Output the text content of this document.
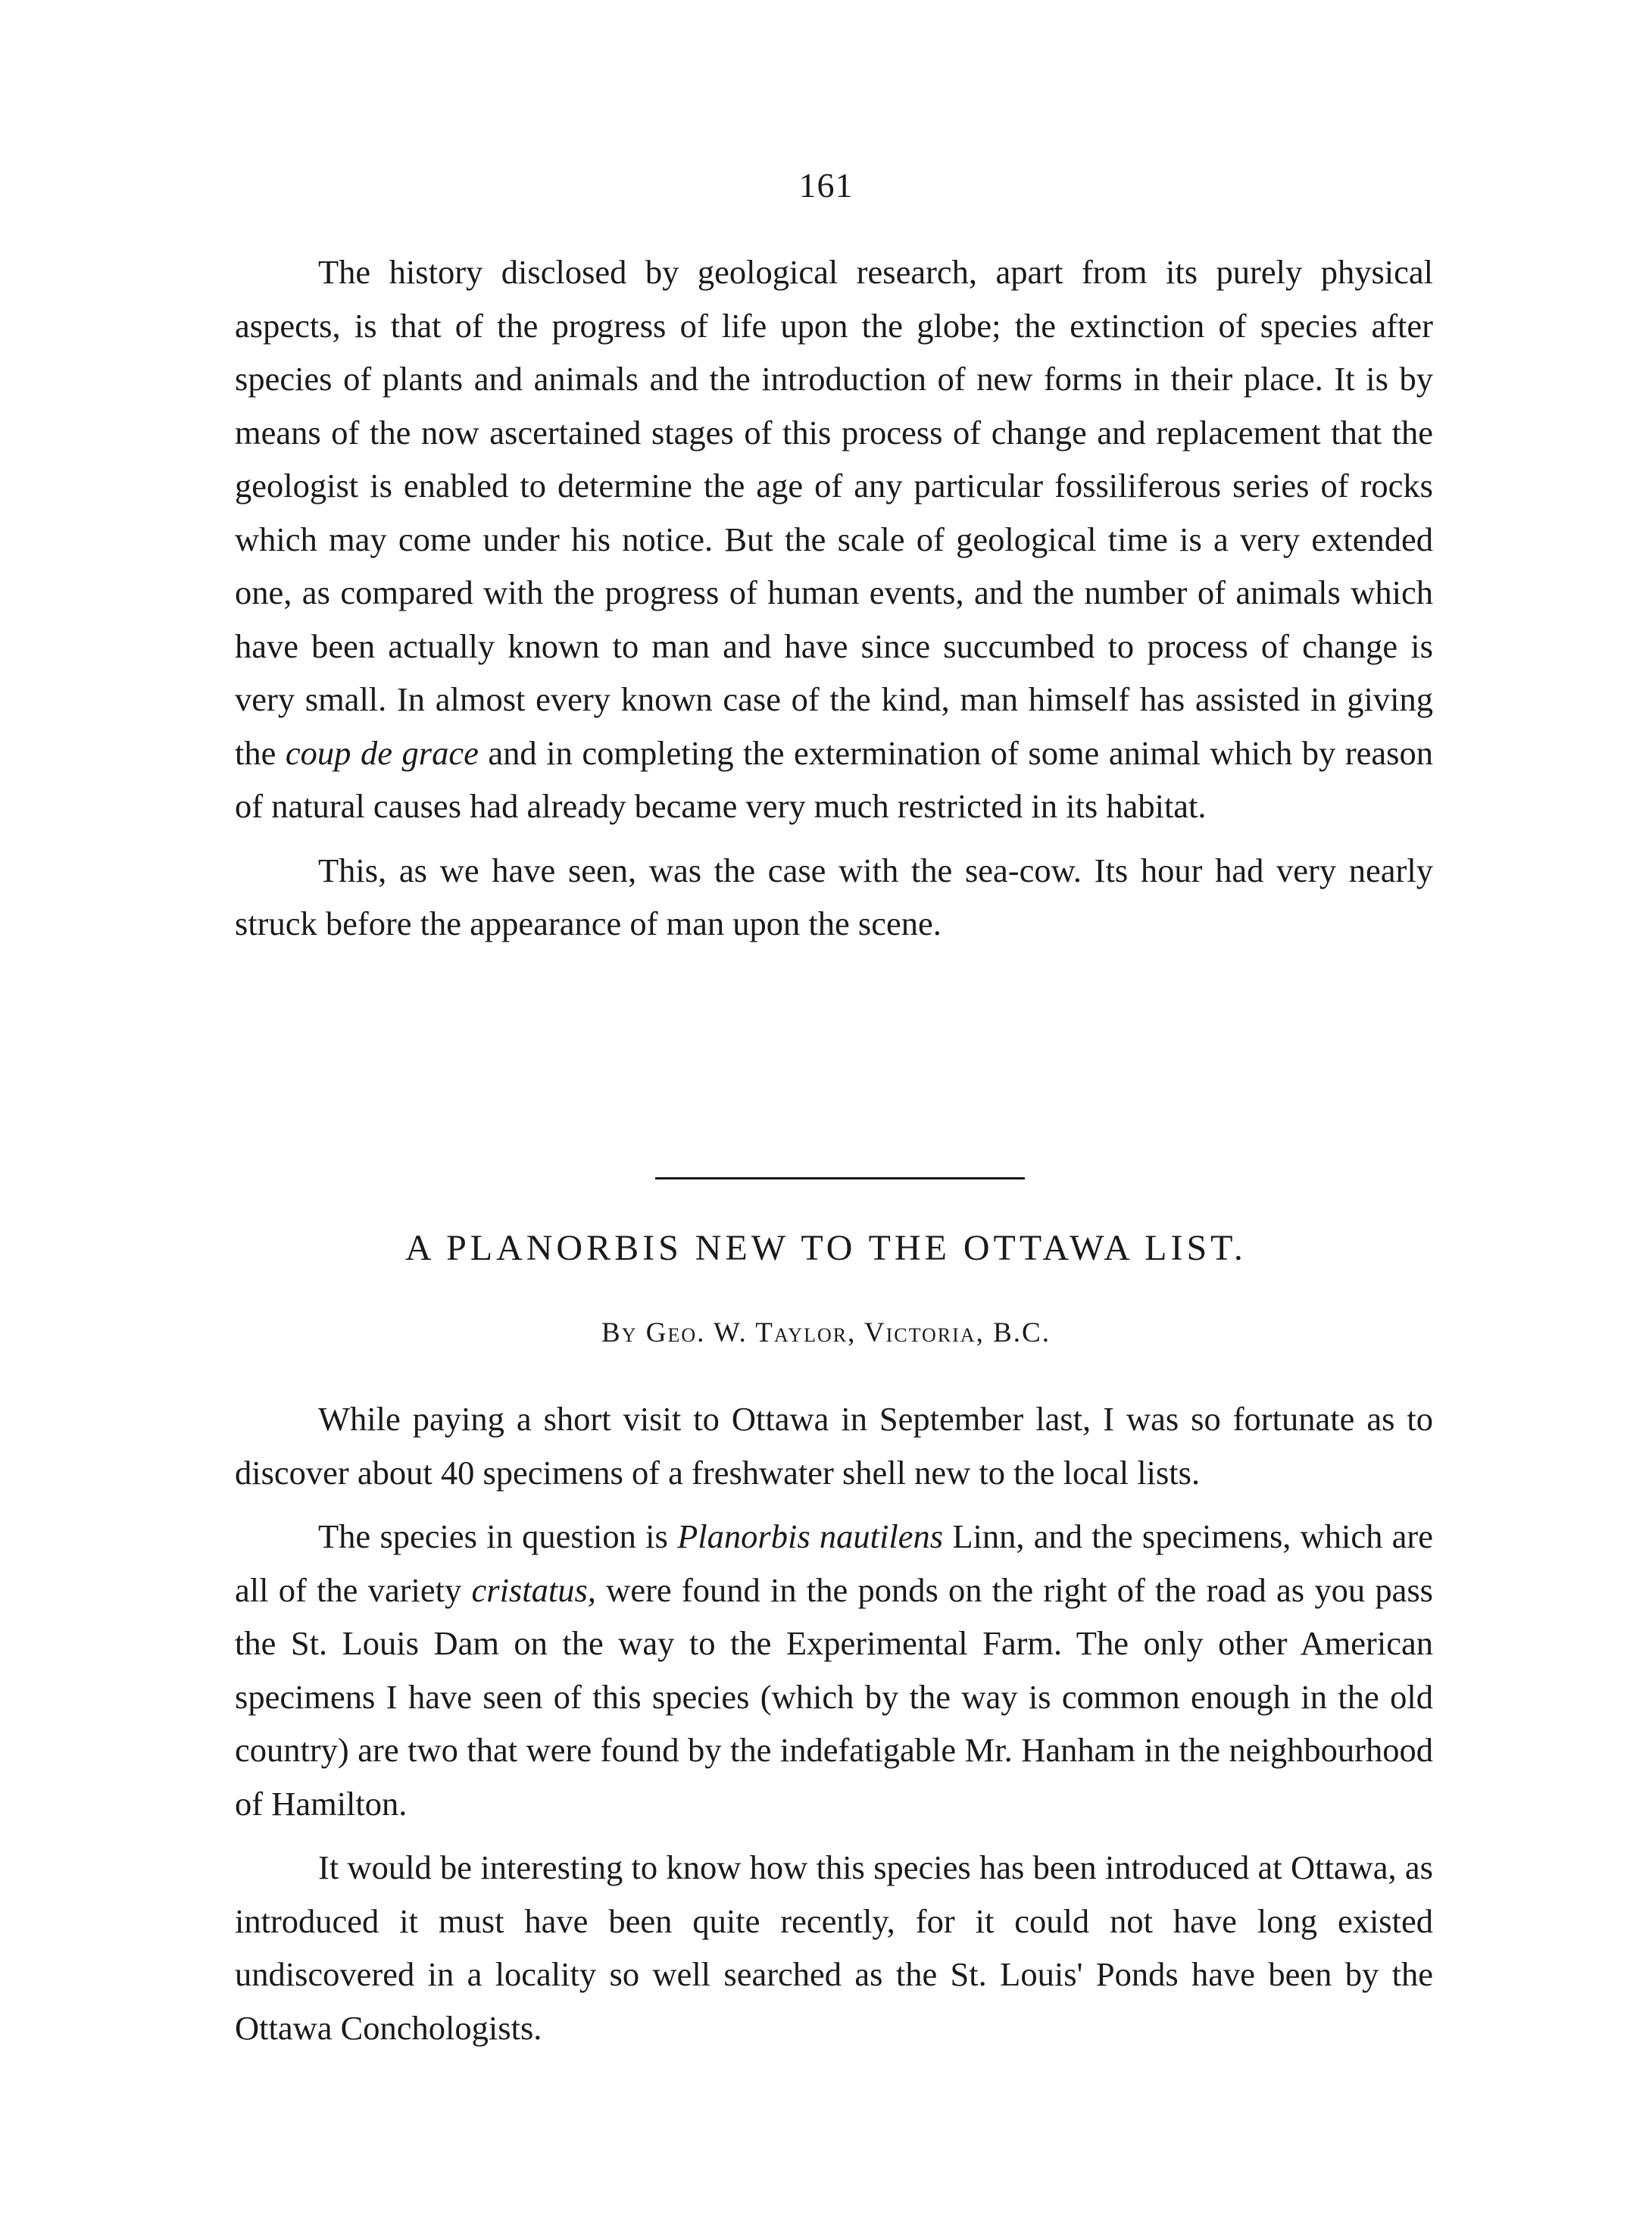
161

The history disclosed by geological research, apart from its purely physical aspects, is that of the progress of life upon the globe; the extinction of species after species of plants and animals and the introduction of new forms in their place. It is by means of the now ascertained stages of this process of change and replacement that the geologist is enabled to determine the age of any particular fossiliferous series of rocks which may come under his notice. But the scale of geological time is a very extended one, as compared with the progress of human events, and the number of animals which have been actually known to man and have since succumbed to process of change is very small. In almost every known case of the kind, man himself has assisted in giving the coup de grace and in completing the extermination of some animal which by reason of natural causes had already became very much restricted in its habitat.

This, as we have seen, was the case with the sea-cow. Its hour had very nearly struck before the appearance of man upon the scene.

A PLANORBIS NEW TO THE OTTAWA LIST.
By Geo. W. Taylor, Victoria, B.C.

While paying a short visit to Ottawa in September last, I was so fortunate as to discover about 40 specimens of a freshwater shell new to the local lists.

The species in question is Planorbis nautilens Linn, and the specimens, which are all of the variety cristatus, were found in the ponds on the right of the road as you pass the St. Louis Dam on the way to the Experimental Farm. The only other American specimens I have seen of this species (which by the way is common enough in the old country) are two that were found by the indefatigable Mr. Hanham in the neighbourhood of Hamilton.

It would be interesting to know how this species has been introduced at Ottawa, as introduced it must have been quite recently, for it could not have long existed undiscovered in a locality so well searched as the St. Louis' Ponds have been by the Ottawa Conchologists.
